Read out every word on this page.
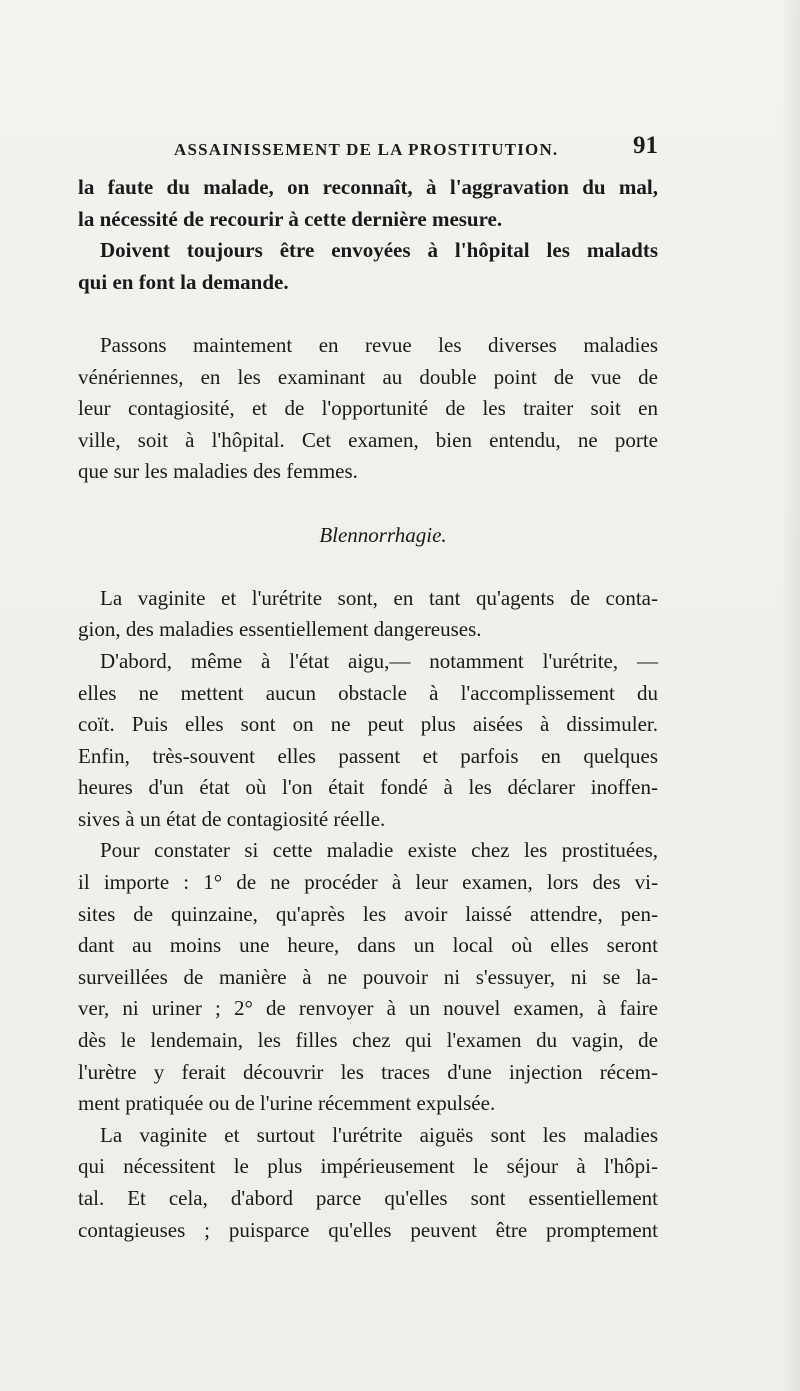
ASSAINISSEMENT DE LA PROSTITUTION.	91
la faute du malade, on reconnaît, à l'aggravation du mal,
la nécessité de recourir à cette dernière mesure.
Doivent toujours être envoyées à l'hôpital les maladts
qui en font la demande.
Passons maintement en revue les diverses maladies
vénériennes, en les examinant au double point de vue de
leur contagiosité, et de l'opportunité de les traiter soit en
ville, soit à l'hôpital. Cet examen, bien entendu, ne porte
que sur les maladies des femmes.
Blennorrhagie.
La vaginite et l'urétrite sont, en tant qu'agents de conta-
gion, des maladies essentiellement dangereuses.
D'abord, même à l'état aigu,— notamment l'urétrite, —
elles ne mettent aucun obstacle à l'accomplissement du
coït. Puis elles sont on ne peut plus aisées à dissimuler.
Enfin, très-souvent elles passent et parfois en quelques
heures d'un état où l'on était fondé à les déclarer inoffen-
sives à un état de contagiosité réelle.
Pour constater si cette maladie existe chez les prostituées,
il importe : 1° de ne procéder à leur examen, lors des vi-
sites de quinzaine, qu'après les avoir laissé attendre, pen-
dant au moins une heure, dans un local où elles seront
surveillées de manière à ne pouvoir ni s'essuyer, ni se la-
ver, ni uriner ; 2° de renvoyer à un nouvel examen, à faire
dès le lendemain, les filles chez qui l'examen du vagin, de
l'urètre y ferait découvrir les traces d'une injection récem-
ment pratiquée ou de l'urine récemment expulsée.
La vaginite et surtout l'urétrite aiguës sont les maladies
qui nécessitent le plus impérieusement le séjour à l'hôpi-
tal. Et cela, d'abord parce qu'elles sont essentiellement
contagieuses ; puisparce qu'elles peuvent être promptement
